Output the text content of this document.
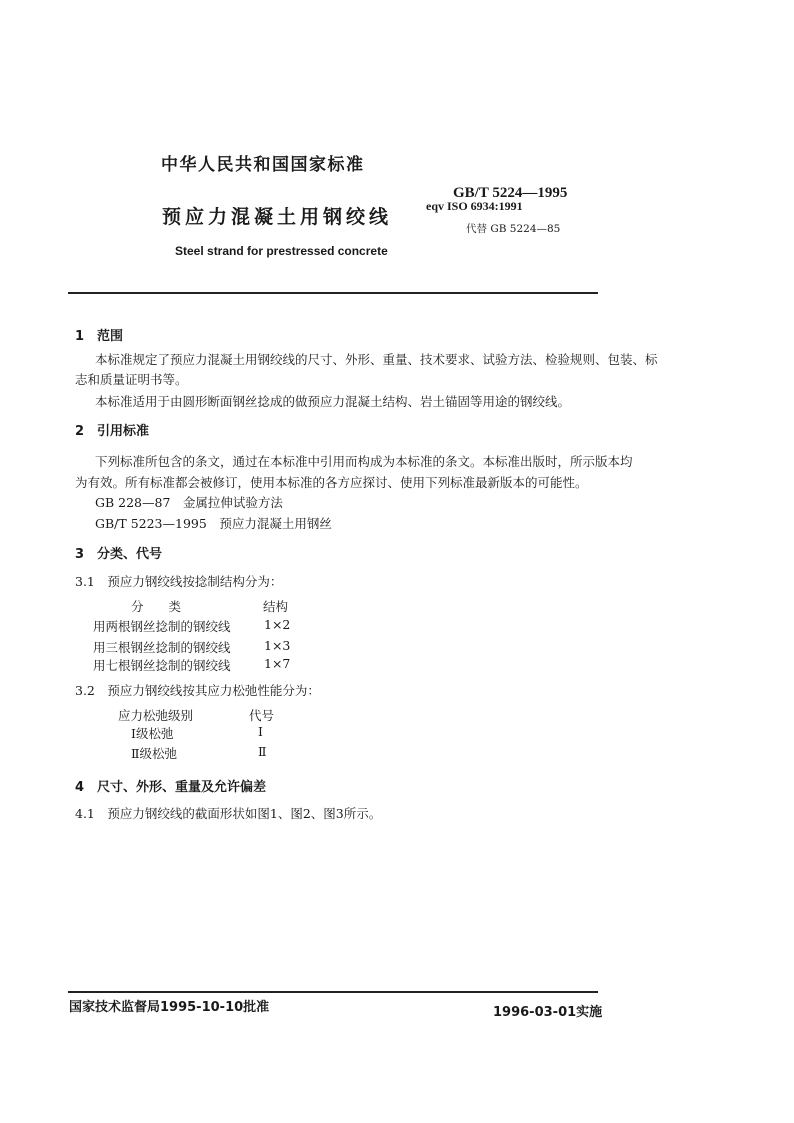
中华人民共和国国家标准
预应力混凝土用钢绞线
Steel strand for prestressed concrete
GB/T 5224—1995
eqv ISO 6934:1991
代替 GB 5224—85
1 范围
本标准规定了预应力混凝土用钢绞线的尺寸、外形、重量、技术要求、试验方法、检验规则、包装、标
志和质量证明书等。
本标准适用于由圆形断面钢丝捻成的做预应力混凝土结构、岩土锚固等用途的钢绞线。
2 引用标准
下列标准所包含的条文，通过在本标准中引用而构成为本标准的条文。本标准出版时，所示版本均
为有效。所有标准都会被修订，使用本标准的各方应探讨、使用下列标准最新版本的可能性。
GB 228—87　金属拉伸试验方法
GB/T 5223—1995　预应力混凝土用钢丝
3 分类、代号
3.1　预应力钢绞线按捻制结构分为：
分　　类	结构
用两根钢丝捻制的钢绞线	1×2
用三根钢丝捻制的钢绞线	1×3
用七根钢丝捻制的钢绞线	1×7
3.2　预应力钢绞线按其应力松弛性能分为：
应力松弛级别	代号
Ⅰ级松弛	Ⅰ
Ⅱ级松弛	Ⅱ
4 尺寸、外形、重量及允许偏差
4.1　预应力钢绞线的截面形状如图1、图2、图3所示。
国家技术监督局1995-10-10批准	1996-03-01实施
